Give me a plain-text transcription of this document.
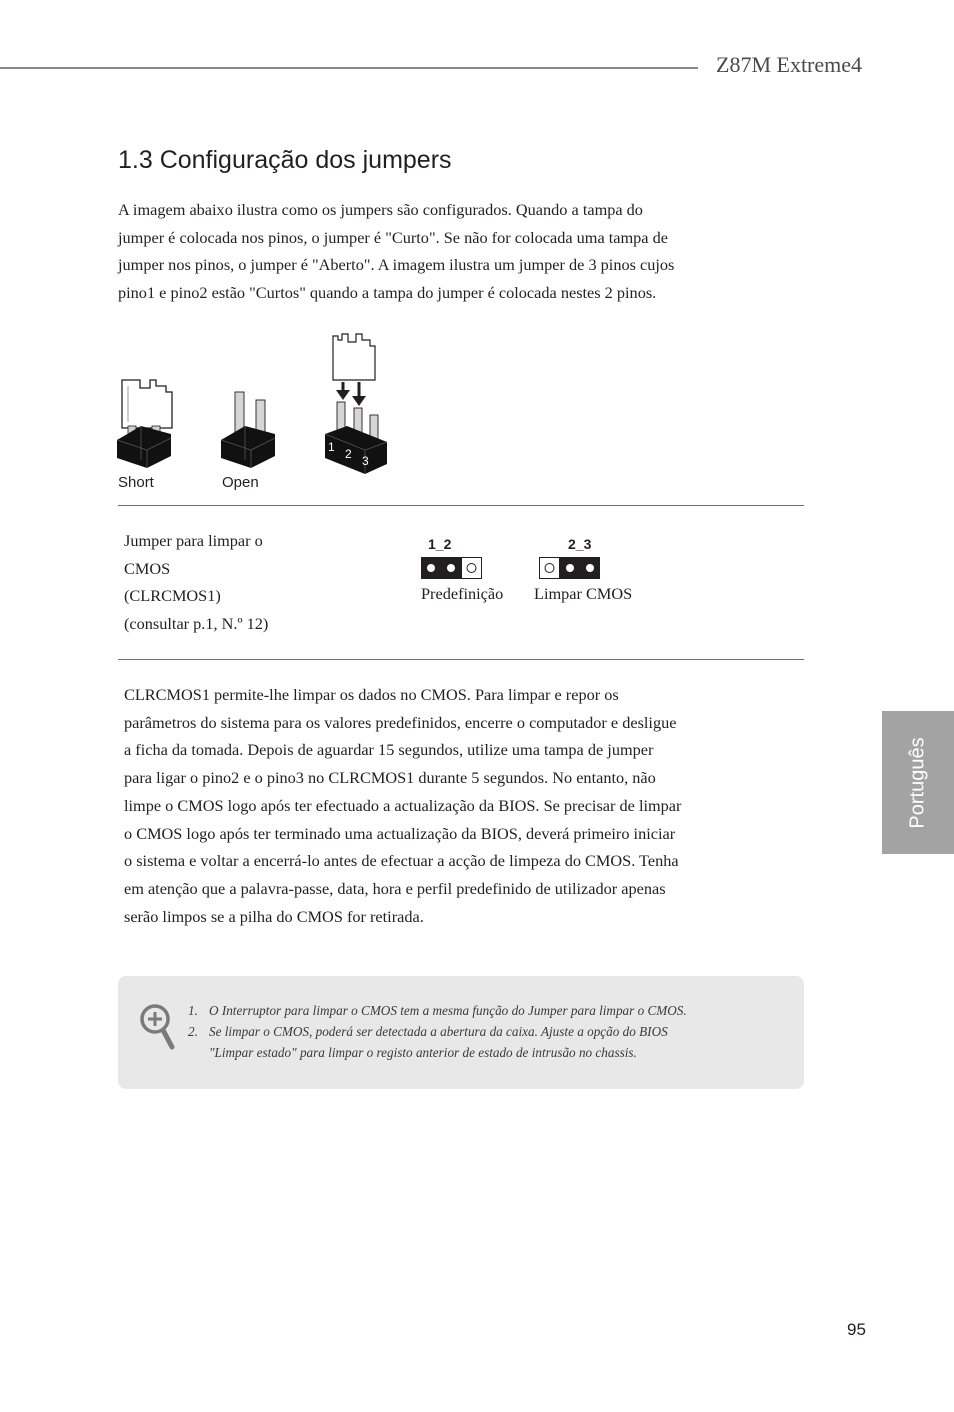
Z87M Extreme4
1.3 Configuração dos jumpers
A imagem abaixo ilustra como os jumpers são configurados. Quando a tampa do
jumper é colocada nos pinos, o jumper é "Curto". Se não for colocada uma tampa de
jumper nos pinos, o jumper é "Aberto". A imagem ilustra um jumper de 3 pinos cujos
pino1 e pino2 estão "Curtos" quando a tampa do jumper é colocada nestes 2 pinos.
1 2 3
Short	Open
Jumper para limpar o
CMOS
(CLRCMOS1)
(consultar p.1, N.º 12)
1_2
Predefinição
2_3
Limpar CMOS
CLRCMOS1 permite-lhe limpar os dados no CMOS. Para limpar e repor os
parâmetros do sistema para os valores predefinidos, encerre o computador e desligue
a ficha da tomada. Depois de aguardar 15 segundos, utilize uma tampa de jumper
para ligar o pino2 e o pino3 no CLRCMOS1 durante 5 segundos. No entanto, não
limpe o CMOS logo após ter efectuado a actualização da BIOS. Se precisar de limpar
o CMOS logo após ter terminado uma actualização da BIOS, deverá primeiro iniciar
o sistema e voltar a encerrá-lo antes de efectuar a acção de limpeza do CMOS. Tenha
em atenção que a palavra-passe, data, hora e perfil predefinido de utilizador apenas
serão limpos se a pilha do CMOS for retirada.
1. O Interruptor para limpar o CMOS tem a mesma função do Jumper para limpar o CMOS.
2. Se limpar o CMOS, poderá ser detectada a abertura da caixa. Ajuste a opção do BIOS
"Limpar estado" para limpar o registo anterior de estado de intrusão no chassis.
Português
95
